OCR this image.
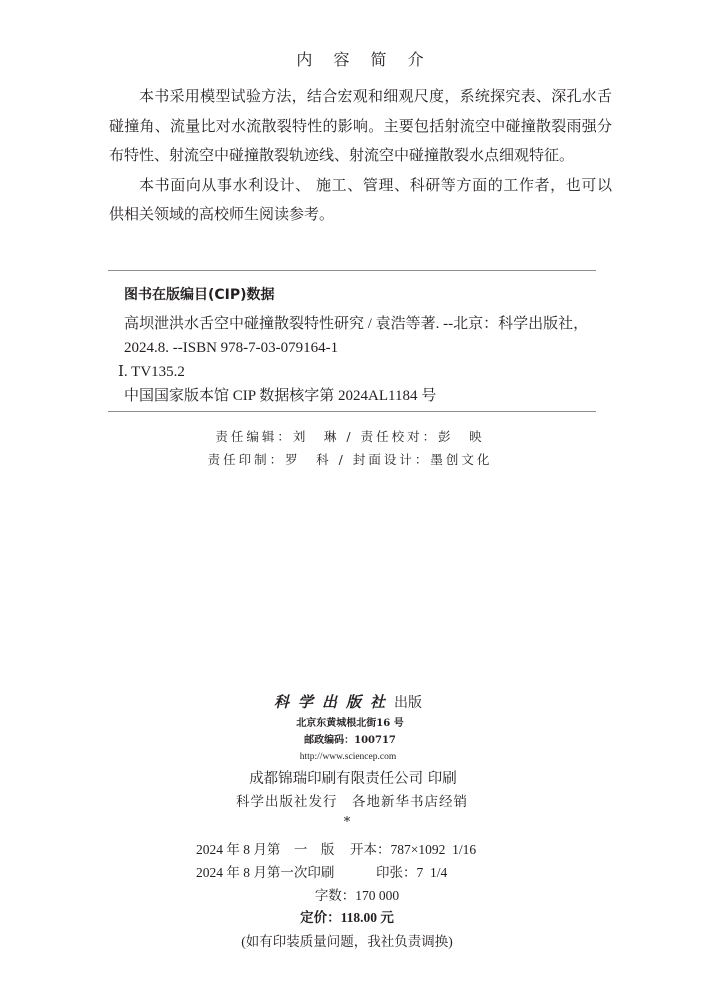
内 容 简 介
本书采用模型试验方法，结合宏观和细观尺度，系统探究表、深孔水舌
碰撞角、流量比对水流散裂特性的影响。主要包括射流空中碰撞散裂雨强分
布特性、射流空中碰撞散裂轨迹线、射流空中碰撞散裂水点细观特征。
本书面向从事水利设计、 施工、管理、科研等方面的工作者，也可以
供相关领域的高校师生阅读参考。
图书在版编目(CIP)数据
高坝泄洪水舌空中碰撞散裂特性研究 / 袁浩等著. --北京：科学出版社，
2024.8. --ISBN 978-7-03-079164-1
Ⅰ. TV135.2
中国国家版本馆 CIP 数据核字第 2024AL1184 号
责任编辑：刘　琳 / 责任校对：彭　映
责任印制：罗　科 / 封面设计：墨创文化
科学出版社出版
北京东黄城根北街16 号
邮政编码：100717
http://www.sciencep.com
成都锦瑞印刷有限责任公司 印刷
科学出版社发行　各地新华书店经销
*
2024 年 8 月第　一　版 开本：787×1092  1/16
2024 年 8 月第一次印刷	印张：7  1/4
字数：170 000
定价：118.00 元
(如有印装质量问题，我社负责调换)
